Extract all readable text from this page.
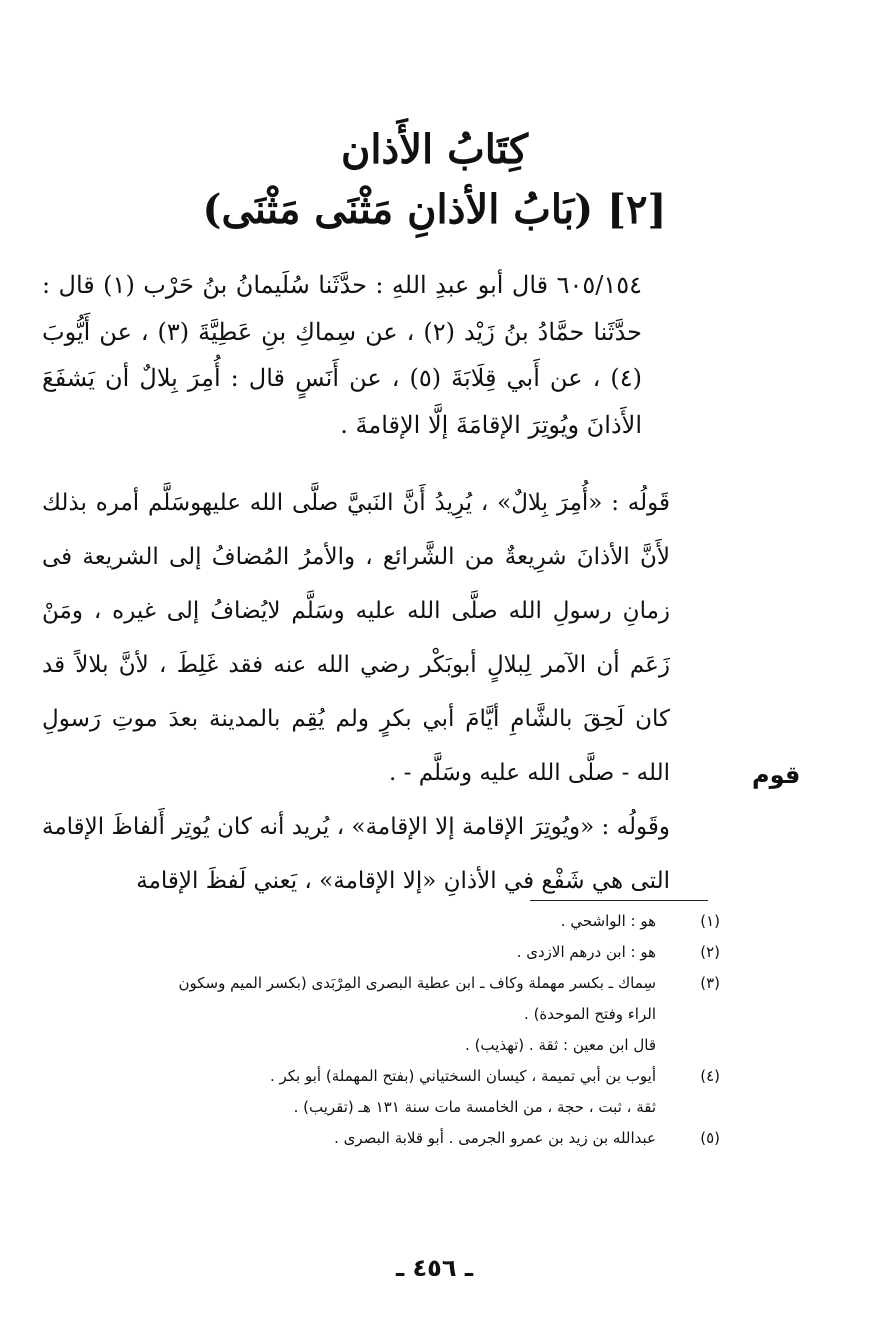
كِتَابُ الأَذان
[٢] (بَابُ الأذانِ مَثْنَى مَثْنَى)
٦٠٥/١٥٤ قال أبو عبدِ اللهِ : حدَّثَنا سُلَيمانُ بنُ حَرْب (١) قال : حدَّثَنا حمَّادُ بنُ زَيْد (٢) ، عن سِماكِ بنِ عَطِيَّةَ (٣) ، عن أَيُّوبَ (٤) ، عن أَبي قِلَابَةَ (٥) ، عن أَنَسٍ قال : أُمِرَ بِلالٌ أن يَشفَعَ الأَذانَ ويُوتِرَ الإقامَةَ إلَّا الإقامةَ .

قَولُه : «أُمِرَ بِلالٌ» ، يُرِيدُ أَنَّ النَبيَّ صلَّى الله عليهوسَلَّم أمره بذلك لأَنَّ الأذانَ شرِيعةٌ من الشَّرائع ، والأمرُ المُضافُ إلى الشريعة فى زمانِ رسولِ الله صلَّى الله عليه وسَلَّم لايُضافُ إلى غيره ، ومَنْ زَعَم أن الآمر لِبلالٍ أبوبَكْر رضي الله عنه فقد غَلِطَ ، لأنَّ بلالاً قد كان لَحِقَ بالشَّامِ أيَّامَ أبي بكرٍ ولم يُقِم بالمدينة بعدَ موتِ رَسولِ الله - صلَّى الله عليه وسَلَّم - .

وقَولُه : «ويُوتِرَ الإقامة إلا الإقامة» ، يُريد أنه كان يُوتِر أَلفاظَ الإقامة التى هي شَفْع في الأذانِ «إلا الإقامة» ، يَعني لَفظَ الإقامة

قوم
(١)
هو : الواشحي .
(٢)
هو : ابن درهم الازدى .
(٣)
سِماك ـ بكسر مهملة وكاف ـ ابن عطية البصرى المِرْبَدى (بكسر الميم وسكون
الراء وفتح الموحدة) .
قال ابن معين : ثقة . (تهذيب) .
(٤)
أيوب بن أبي تميمة ، كيسان السختياني (بفتح المهملة) أبو بكر .
ثقة ، ثبت ، حجة ، من الخامسة مات سنة ١٣١ هـ (تقريب) .
(٥)
عبدالله بن زيد بن عمرو الجرمى . أبو قلابة البصرى .
ـ ٤٥٦ ـ
